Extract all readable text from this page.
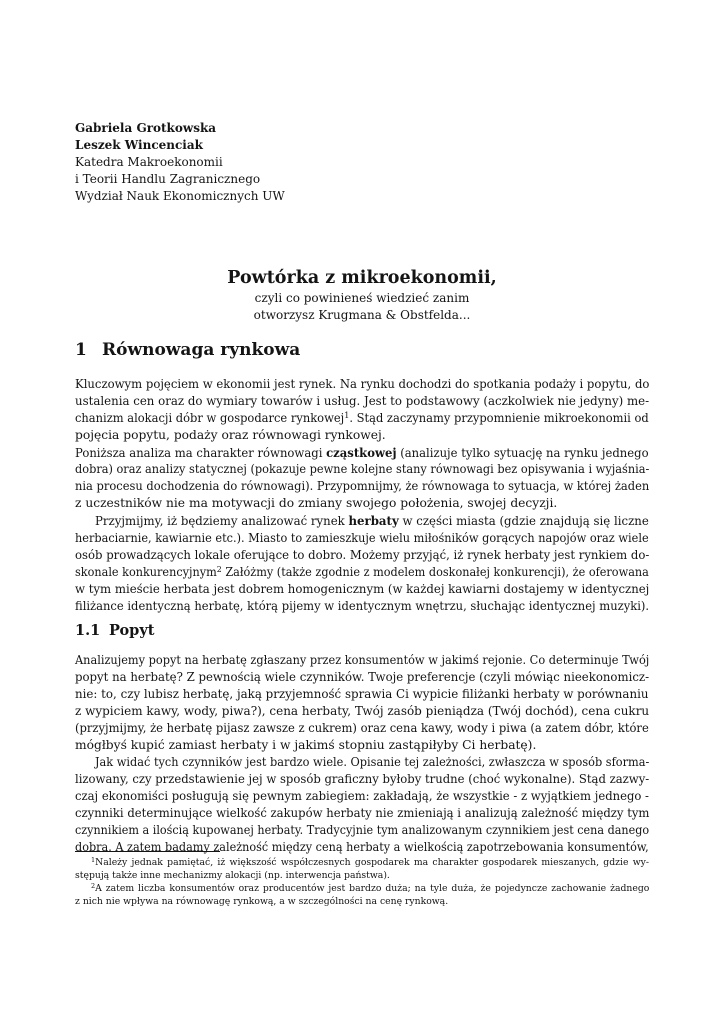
Gabriela Grotkowska
Leszek Wincenciak
Katedra Makroekonomii
i Teorii Handlu Zagranicznego
Wydział Nauk Ekonomicznych UW
Powtórka z mikroekonomii,
czyli co powinieneś wiedzieć zanim
otworzysz Krugmana & Obstfelda...
1 Równowaga rynkowa
Kluczowym pojęciem w ekonomii jest rynek. Na rynku dochodzi do spotkania podaży i popytu, do
ustalenia cen oraz do wymiary towarów i usług. Jest to podstawowy (aczkolwiek nie jedyny) me-
chanizm alokacji dóbr w gospodarce rynkowej$^1$. Stąd zaczynamy przypomnienie mikroekonomii od
pojęcia popytu, podaży oraz równowagi rynkowej.
Poniższa analiza ma charakter równowagi cząstkowej (analizuje tylko sytuację na rynku jednego
dobra) oraz analizy statycznej (pokazuje pewne kolejne stany równowagi bez opisywania i wyjaśnia-
nia procesu dochodzenia do równowagi). Przypomnijmy, że równowaga to sytuacja, w której żaden
z uczestników nie ma motywacji do zmiany swojego położenia, swojej decyzji.
Przyjmijmy, iż będziemy analizować rynek herbaty w części miasta (gdzie znajdują się liczne
herbaciarnie, kawiarnie etc.). Miasto to zamieszkuje wielu miłośników gorących napojów oraz wiele
osób prowadzących lokale oferujące to dobro. Możemy przyjąć, iż rynek herbaty jest rynkiem do-
skonale konkurencyjnym$^2$ Załóżmy (także zgodnie z modelem doskonałej konkurencji), że oferowana
w tym mieście herbata jest dobrem homogenicznym (w każdej kawiarni dostajemy w identycznej
filiżance identyczną herbatę, którą pijemy w identycznym wnętrzu, słuchając identycznej muzyki).
1.1 Popyt
Analizujemy popyt na herbatę zgłaszany przez konsumentów w jakimś rejonie. Co determinuje Twój
popyt na herbatę? Z pewnością wiele czynników. Twoje preferencje (czyli mówiąc nieekonomicz-
nie: to, czy lubisz herbatę, jaką przyjemność sprawia Ci wypicie filiżanki herbaty w porównaniu
z wypiciem kawy, wody, piwa?), cena herbaty, Twój zasób pieniądza (Twój dochód), cena cukru
(przyjmijmy, że herbatę pijasz zawsze z cukrem) oraz cena kawy, wody i piwa (a zatem dóbr, które
mógłbyś kupić zamiast herbaty i w jakimś stopniu zastąpiłyby Ci herbatę).
Jak widać tych czynników jest bardzo wiele. Opisanie tej zależności, zwłaszcza w sposób sforma-
lizowany, czy przedstawienie jej w sposób graficzny byłoby trudne (choć wykonalne). Stąd zazwy-
czaj ekonomiści posługują się pewnym zabiegiem: zakładają, że wszystkie - z wyjątkiem jednego -
czynniki determinujące wielkość zakupów herbaty nie zmieniają i analizują zależność między tym
czynnikiem a ilością kupowanej herbaty. Tradycyjnie tym analizowanym czynnikiem jest cena danego
dobra. A zatem badamy zależność między ceną herbaty a wielkością zapotrzebowania konsumentów,
$^1$Należy jednak pamiętać, iż większość współczesnych gospodarek ma charakter gospodarek mieszanych, gdzie wy-
stępują także inne mechanizmy alokacji (np. interwencja państwa).
$^2$A zatem liczba konsumentów oraz producentów jest bardzo duża; na tyle duża, że pojedyncze zachowanie żadnego
z nich nie wpływa na równowagę rynkową, a w szczególności na cenę rynkową.
